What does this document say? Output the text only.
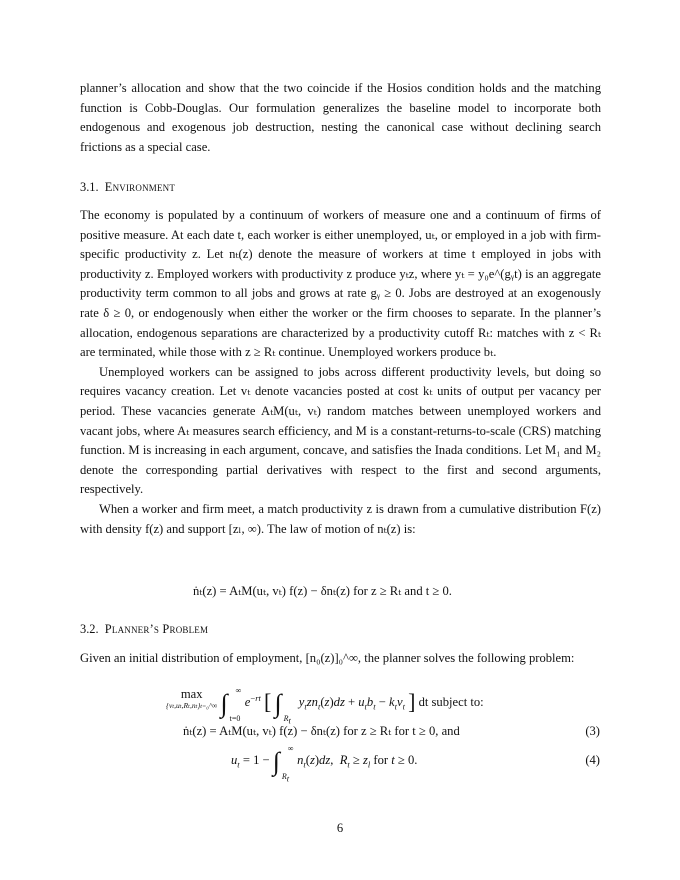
planner’s allocation and show that the two coincide if the Hosios condition holds and the matching function is Cobb-Douglas. Our formulation generalizes the baseline model to incorporate both endogenous and exogenous job destruction, nesting the canonical case without declining search frictions as a special case.

3.1. Environment

The economy is populated by a continuum of workers of measure one and a continuum of firms of positive measure. At each date t, each worker is either unemployed, uₜ, or employed in a job with firm-specific productivity z. Let nₜ(z) denote the measure of workers at time t employed in jobs with productivity z. Employed workers with productivity z produce yₜz, where yₜ = y₀e^(gᵧt) is an aggregate productivity term common to all jobs and grows at rate gᵧ ≥ 0. Jobs are destroyed at an exogenously rate δ ≥ 0, or endogenously when either the worker or the firm chooses to separate. In the planner’s allocation, endogenous separations are characterized by a productivity cutoff Rₜ: matches with z < Rₜ are terminated, while those with z ≥ Rₜ continue. Unemployed workers produce bₜ.

Unemployed workers can be assigned to jobs across different productivity levels, but doing so requires vacancy creation. Let vₜ denote vacancies posted at cost kₜ units of output per vacancy per period. These vacancies generate AₜM(uₜ, vₜ) random matches between unemployed workers and vacant jobs, where Aₜ measures search efficiency, and M is a constant-returns-to-scale (CRS) matching function. M is increasing in each argument, concave, and satisfies the Inada conditions. Let M₁ and M₂ denote the corresponding partial derivatives with respect to the first and second arguments, respectively.

When a worker and firm meet, a match productivity z is drawn from a cumulative distribution F(z) with density f(z) and support [zₗ, ∞). The law of motion of nₜ(z) is:

ṅₜ(z) = AₜM(uₜ, vₜ) f(z) − δnₜ(z) for z ≥ Rₜ and t ≥ 0.
3.2. Planner’s Problem

Given an initial distribution of employment, [n₀(z)]₀^∞, the planner solves the following problem:

max
{vₜ,uₜ,Rₜ,nₜ}ₜ₌₀^∞ ∫ ∞
t=0
$e^{-rt}$ [ ∫
$R_t$
$y_tzn_t(z)dz + u_tb_t - k_tv_t$ ] dt subject to:
ṅₜ(z) = AₜM(uₜ, vₜ) f(z) − δnₜ(z) for z ≥ Rₜ for t ≥ 0, and	(3)
$u_t = 1$ − ∫ ∞
$R_t$
$n_t(z)dz$,  $R_t \ge z_l$ for t ≥ 0.	(4)
6
